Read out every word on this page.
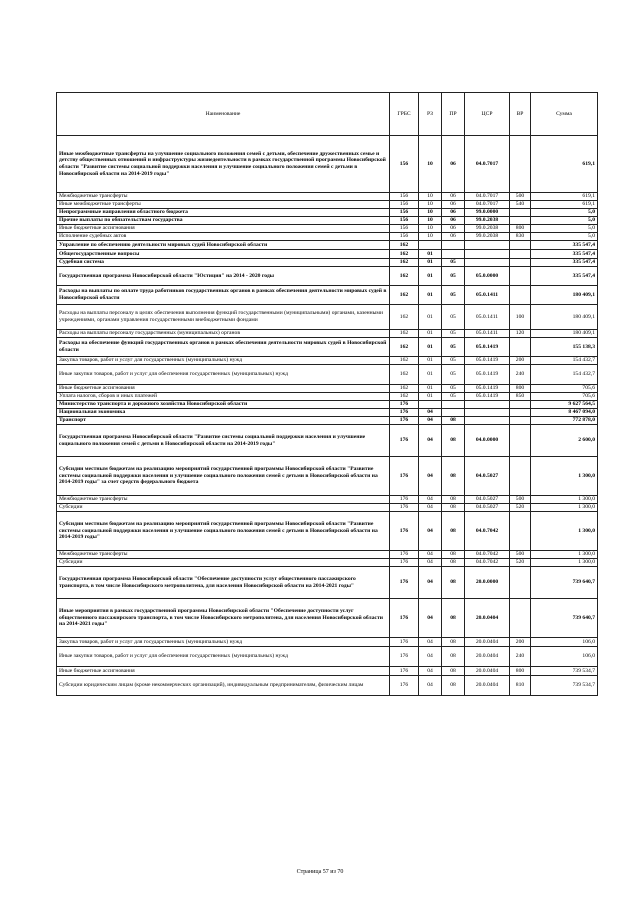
Наименование	ГРБС	РЗ	ПР	ЦСР	ВР	Сумма
Иные межбюджетные трансферты на улучшение социального положения семей с детьми, обеспечение дружественных семье и детству общественных отношений и инфраструктуры жизнедеятельности в рамках государственной программы Новосибирской области "Развитие системы социальной поддержки населения и улучшение социального положения семей с детьми в Новосибирской области на 2014-2019 годы"	156	10	06	04.0.7017		619,1
Межбюджетные трансферты	156	10	06	04.0.7017	500	619,1
Иные межбюджетные трансферты	156	10	06	04.0.7017	540	619,1
Непрограммные направления областного бюджета	156	10	06	99.0.0000		5,0
Прочие выплаты по обязательствам государства	156	10	06	99.0.2038		5,0
Иные бюджетные ассигнования	156	10	06	99.0.2038	800	5,0
Исполнение судебных актов	156	10	06	99.0.2038	830	5,0
Управление по обеспечению деятельности мировых судей Новосибирской области	162					335 547,4
Общегосударственные вопросы	162	01				335 547,4
Судебная система	162	01	05			335 547,4
Государственная программа Новосибирской области "Юстиция" на 2014 - 2020 годы	162	01	05	05.0.0000		335 547,4
Расходы на выплаты по оплате труда работников государственных органов в рамках обеспечения деятельности мировых судей в Новосибирской области	162	01	05	05.0.1411		180 409,1
Расходы на выплаты персоналу в целях обеспечения выполнения функций государственными (муниципальными) органами, казенными учреждениями, органами управления государственными внебюджетными фондами	162	01	05	05.0.1411	100	180 409,1
Расходы на выплаты персоналу государственных (муниципальных) органов	162	01	05	05.0.1411	120	180 409,1
Расходы на обеспечение функций государственных органов в рамках обеспечения деятельности мировых судей в Новосибирской области	162	01	05	05.0.1419		155 138,3
Закупка товаров, работ и услуг для государственных (муниципальных) нужд	162	01	05	05.0.1419	200	154 432,7
Иные закупки товаров, работ и услуг для обеспечения государственных (муниципальных) нужд	162	01	05	05.0.1419	240	154 432,7
Иные бюджетные ассигнования	162	01	05	05.0.1419	800	705,6
Уплата налогов, сборов и иных платежей	162	01	05	05.0.1419	850	705,6
Министерство транспорта и дорожного хозяйства Новосибирской области	176					9 627 564,5
Национальная экономика	176	04				8 467 094,0
Транспорт	176	04	08			772 878,0
Государственная программа Новосибирской области "Развитие системы социальной поддержки населения и улучшение социального положения семей с детьми в Новосибирской области на 2014-2019 годы"	176	04	08	04.0.0000		2 600,0
Субсидии местным бюджетам на реализацию мероприятий государственной программы Новосибирской области "Развитие системы социальной поддержки населения и улучшение социального положения семей с детьми в Новосибирской области на 2014-2019 годы" за счет средств федерального бюджета	176	04	08	04.0.5027		1 300,0
Межбюджетные трансферты	176	04	08	04.0.5027	500	1 300,0
Субсидии	176	04	08	04.0.5027	520	1 300,0
Субсидии местным бюджетам на реализацию мероприятий государственной программы Новосибирской области "Развитие системы социальной поддержки населения и улучшение социального положения семей с детьми в Новосибирской области на 2014-2019 годы"	176	04	08	04.0.7042		1 300,0
Межбюджетные трансферты	176	04	08	04.0.7042	500	1 300,0
Субсидии	176	04	08	04.0.7042	520	1 300,0
Государственная программа Новосибирской области "Обеспечение доступности услуг общественного пассажирского транспорта, в том числе Новосибирского метрополитена, для населения Новосибирской области на 2014-2021 годы"	176	04	08	20.0.0000		739 640,7
Иные мероприятия в рамках государственной программы Новосибирской области "Обеспечение доступности услуг общественного пассажирского транспорта, в том числе Новосибирского метрополитена, для населения Новосибирской области на 2014-2021 годы"	176	04	08	20.0.0404		739 640,7
Закупка товаров, работ и услуг для государственных (муниципальных) нужд	176	04	08	20.0.0404	200	106,0
Иные закупки товаров, работ и услуг для обеспечения государственных (муниципальных) нужд	176	04	08	20.0.0404	240	106,0
Иные бюджетные ассигнования	176	04	08	20.0.0404	800	739 534,7
Субсидии юридическим лицам (кроме некоммерческих организаций), индивидуальным предпринимателям, физическим лицам	176	04	08	20.0.0404	810	739 534,7
Страница 57 из 70
